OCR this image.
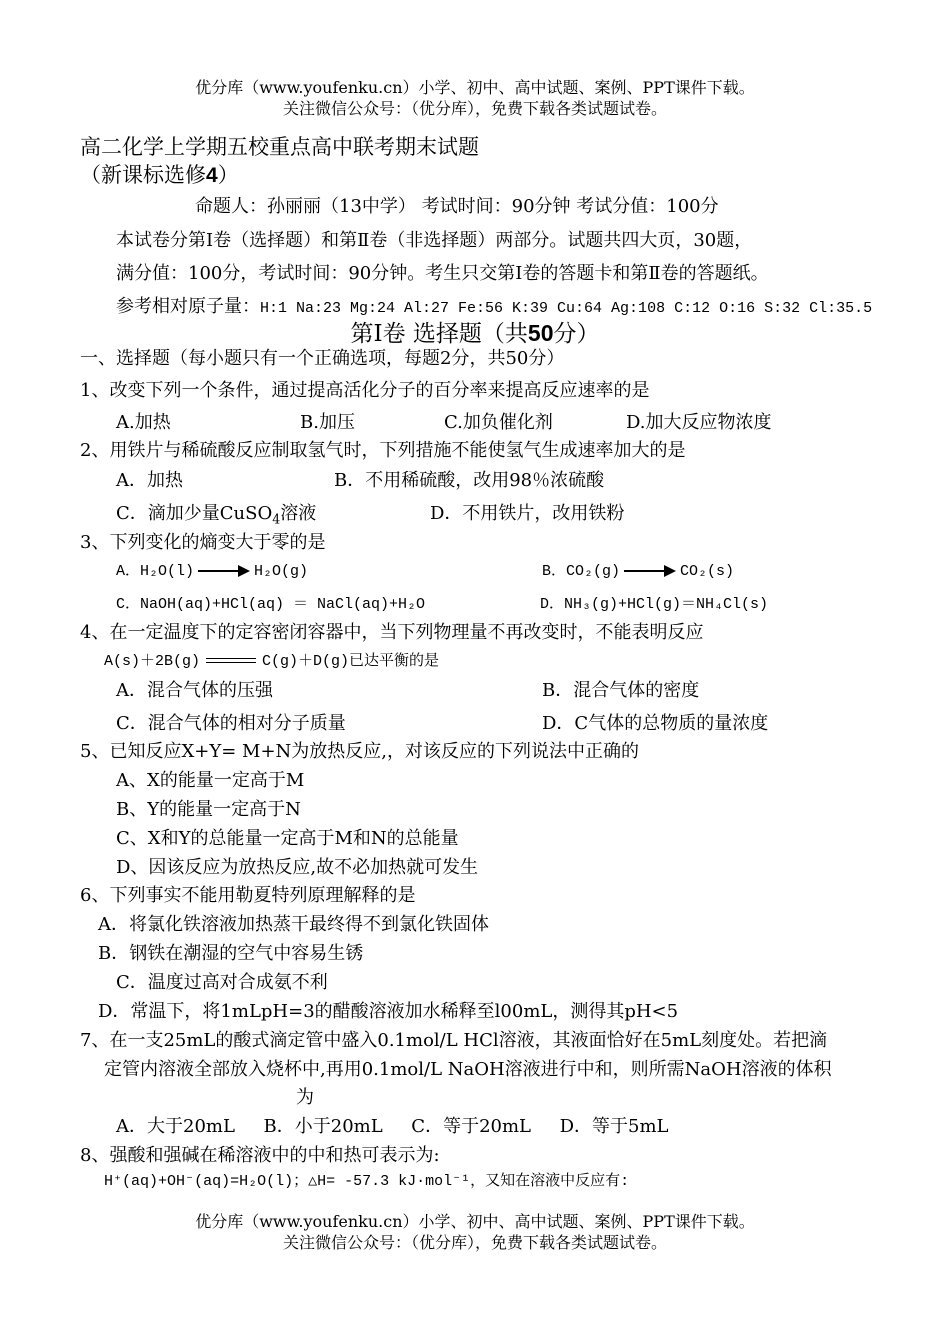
优分库（www.youfenku.cn）小学、初中、高中试题、案例、PPT课件下载。
关注微信公众号：（优分库），免费下载各类试题试卷。
高二化学上学期五校重点高中联考期末试题
（新课标选修4）
命题人：孙丽丽（13中学） 考试时间：90分钟 考试分值：100分
本试卷分第Ⅰ卷（选择题）和第Ⅱ卷（非选择题）两部分。试题共四大页，30题，
满分值：100分，考试时间：90分钟。考生只交第Ⅰ卷的答题卡和第Ⅱ卷的答题纸。
参考相对原子量：H:1 Na:23 Mg:24 Al:27 Fe:56 K:39 Cu:64 Ag:108 C:12 O:16 S:32 Cl:35.5
第Ⅰ卷 选择题（共50分）
一、选择题（每小题只有一个正确选项，每题2分，共50分）
1、改变下列一个条件，通过提高活化分子的百分率来提高反应速率的是
A.加热	B.加压	C.加负催化剂	D.加大反应物浓度
2、用铁片与稀硫酸反应制取氢气时，下列措施不能使氢气生成速率加大的是
A．加热	B．不用稀硫酸，改用98％浓硫酸
C．滴加少量CuSO$_4$溶液	D．不用铁片，改用铁粉
3、下列变化的熵变大于零的是
A．H₂O(l)	H₂O(g)	B．CO₂(g)	CO₂(s)
C．NaOH(aq)+HCl(aq) ＝ NaCl(aq)+H₂O	D．NH₃(g)+HCl(g)＝NH₄Cl(s)
4、在一定温度下的定容密闭容器中，当下列物理量不再改变时，不能表明反应
A(s)＋2B(g)	C(g)＋D(g)已达平衡的是
A．混合气体的压强	B．混合气体的密度
C．混合气体的相对分子质量	D．C气体的总物质的量浓度
5、已知反应X+Y= M+N为放热反应,，对该反应的下列说法中正确的
A、X的能量一定高于M
B、Y的能量一定高于N
C、X和Y的总能量一定高于M和N的总能量
D、因该反应为放热反应,故不必加热就可发生
6、下列事实不能用勒夏特列原理解释的是
A．将氯化铁溶液加热蒸干最终得不到氯化铁固体
B．钢铁在潮湿的空气中容易生锈
C．温度过高对合成氨不利
D．常温下，将1mLpH=3的醋酸溶液加水稀释至l00mL，测得其pH<5
7、在一支25mL的酸式滴定管中盛入0.1mol/L HCl溶液，其液面恰好在5mL刻度处。若把滴
定管内溶液全部放入烧杯中,再用0.1mol/L NaOH溶液进行中和，则所需NaOH溶液的体积
为
A．大于20mL     B．小于20mL     C．等于20mL     D．等于5mL
8、强酸和强碱在稀溶液中的中和热可表示为:
H⁺(aq)+OH⁻(aq)=H₂O(l)；△H= -57.3 kJ·mol⁻¹，又知在溶液中反应有:
优分库（www.youfenku.cn）小学、初中、高中试题、案例、PPT课件下载。
关注微信公众号：（优分库），免费下载各类试题试卷。
